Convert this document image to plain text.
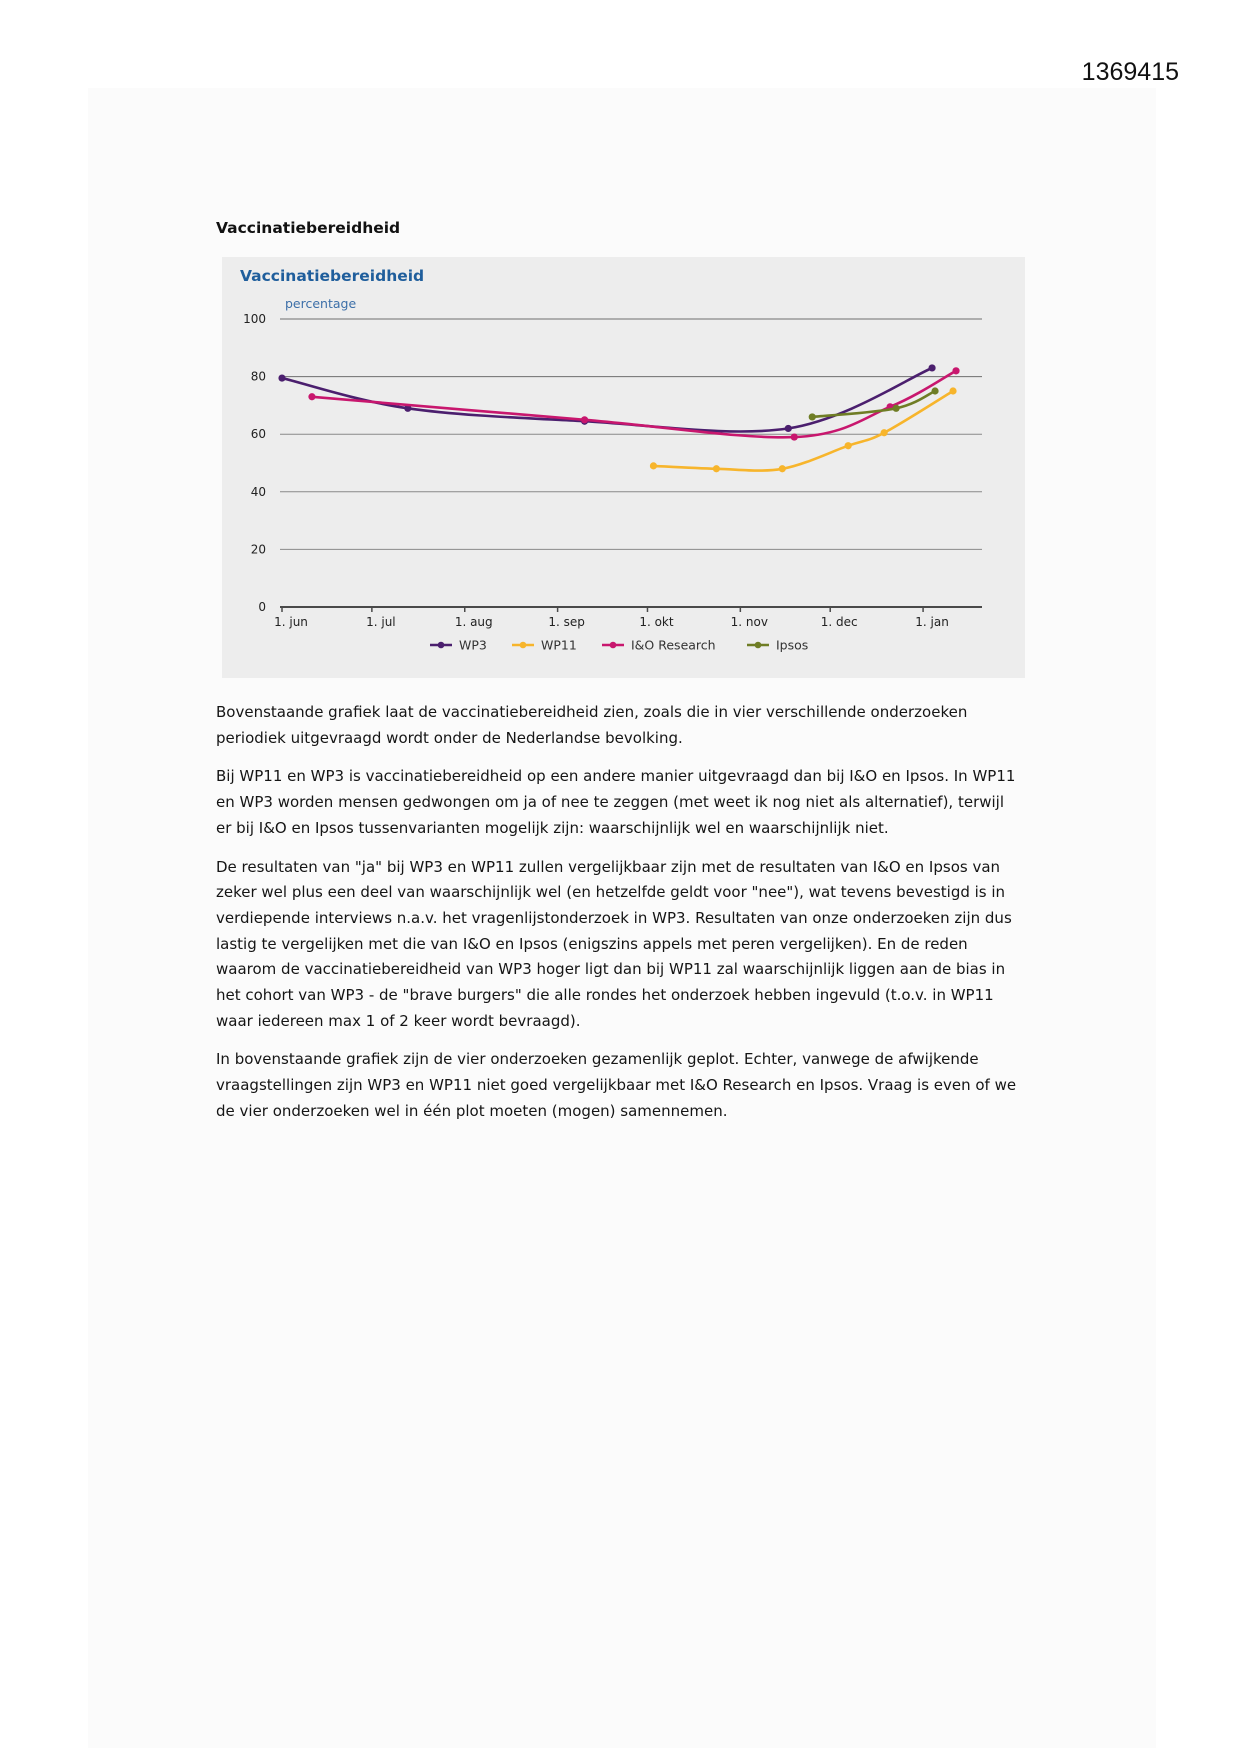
1369415
Vaccinatiebereidheid
Vaccinatiebereidheid
percentage
0
20
40
60
80
100
1. jun	1. jul	1. aug	1. sep	1. okt	1. nov	1. dec	1. jan
WP3	WP11	I&O Research	Ipsos

Bovenstaande grafiek laat de vaccinatiebereidheid zien, zoals die in vier verschillende onderzoeken periodiek uitgevraagd wordt onder de Nederlandse bevolking.

Bij WP11 en WP3 is vaccinatiebereidheid op een andere manier uitgevraagd dan bij I&O en Ipsos. In WP11 en WP3 worden mensen gedwongen om ja of nee te zeggen (met weet ik nog niet als alternatief), terwijl er bij I&O en Ipsos tussenvarianten mogelijk zijn: waarschijnlijk wel en waarschijnlijk niet.

De resultaten van "ja" bij WP3 en WP11 zullen vergelijkbaar zijn met de resultaten van I&O en Ipsos van zeker wel plus een deel van waarschijnlijk wel (en hetzelfde geldt voor "nee"), wat tevens bevestigd is in verdiepende interviews n.a.v. het vragenlijstonderzoek in WP3. Resultaten van onze onderzoeken zijn dus lastig te vergelijken met die van I&O en Ipsos (enigszins appels met peren vergelijken). En de reden waarom de vaccinatiebereidheid van WP3 hoger ligt dan bij WP11 zal waarschijnlijk liggen aan de bias in het cohort van WP3 - de "brave burgers" die alle rondes het onderzoek hebben ingevuld (t.o.v. in WP11 waar iedereen max 1 of 2 keer wordt bevraagd).

In bovenstaande grafiek zijn de vier onderzoeken gezamenlijk geplot. Echter, vanwege de afwijkende vraagstellingen zijn WP3 en WP11 niet goed vergelijkbaar met I&O Research en Ipsos. Vraag is even of we de vier onderzoeken wel in één plot moeten (mogen) samennemen.
